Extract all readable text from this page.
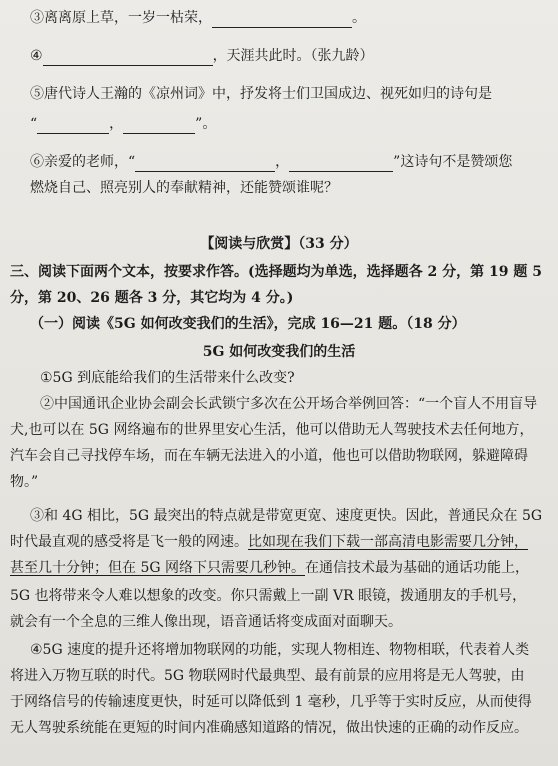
③离离原上草，一岁一枯荣，	。
④	，天涯共此时。（张九龄）
⑤唐代诗人王瀚的《凉州词》中，抒发将士们卫国成边、视死如归的诗句是
“	，	”。
⑥亲爱的老师，“	，	”这诗句不是赞颂您
燃烧自己、照亮别人的奉献精神，还能赞颂谁呢？
【阅读与欣赏】（33 分）
三、阅读下面两个文本，按要求作答。(选择题均为单选，选择题各 2 分，第 19 题 5
分，第 20、26 题各 3 分，其它均为 4 分。)
（一）阅读《5G 如何改变我们的生活》，完成 16—21 题。（18 分）
5G 如何改变我们的生活
①5G 到底能给我们的生活带来什么改变?
②中国通讯企业协会副会长武锁宁多次在公开场合举例回答：“一个盲人不用盲导
犬,也可以在 5G 网络遍布的世界里安心生活，他可以借助无人驾驶技术去任何地方，
汽车会自己寻找停车场，而在车辆无法进入的小道，他也可以借助物联网，躲避障碍
物。”
③和 4G 相比，5G 最突出的特点就是带宽更宽、速度更快。因此，普通民众在 5G
时代最直观的感受将是飞一般的网速。比如现在我们下载一部高清电影需要几分钟，
甚至几十分钟；但在 5G 网络下只需要几秒钟。在通信技术最为基础的通话功能上，
5G 也将带来令人难以想象的改变。你只需戴上一副 VR 眼镜，拨通朋友的手机号，
就会有一个全息的三维人像出现，语音通话将变成面对面聊天。
④5G 速度的提升还将增加物联网的功能，实现人物相连、物物相联，代表着人类
将进入万物互联的时代。5G 物联网时代最典型、最有前景的应用将是无人驾驶，由
于网络信号的传输速度更快，时延可以降低到 1 毫秒，几乎等于实时反应，从而使得
无人驾驶系统能在更短的时间内准确感知道路的情况，做出快速的正确的动作反应。
